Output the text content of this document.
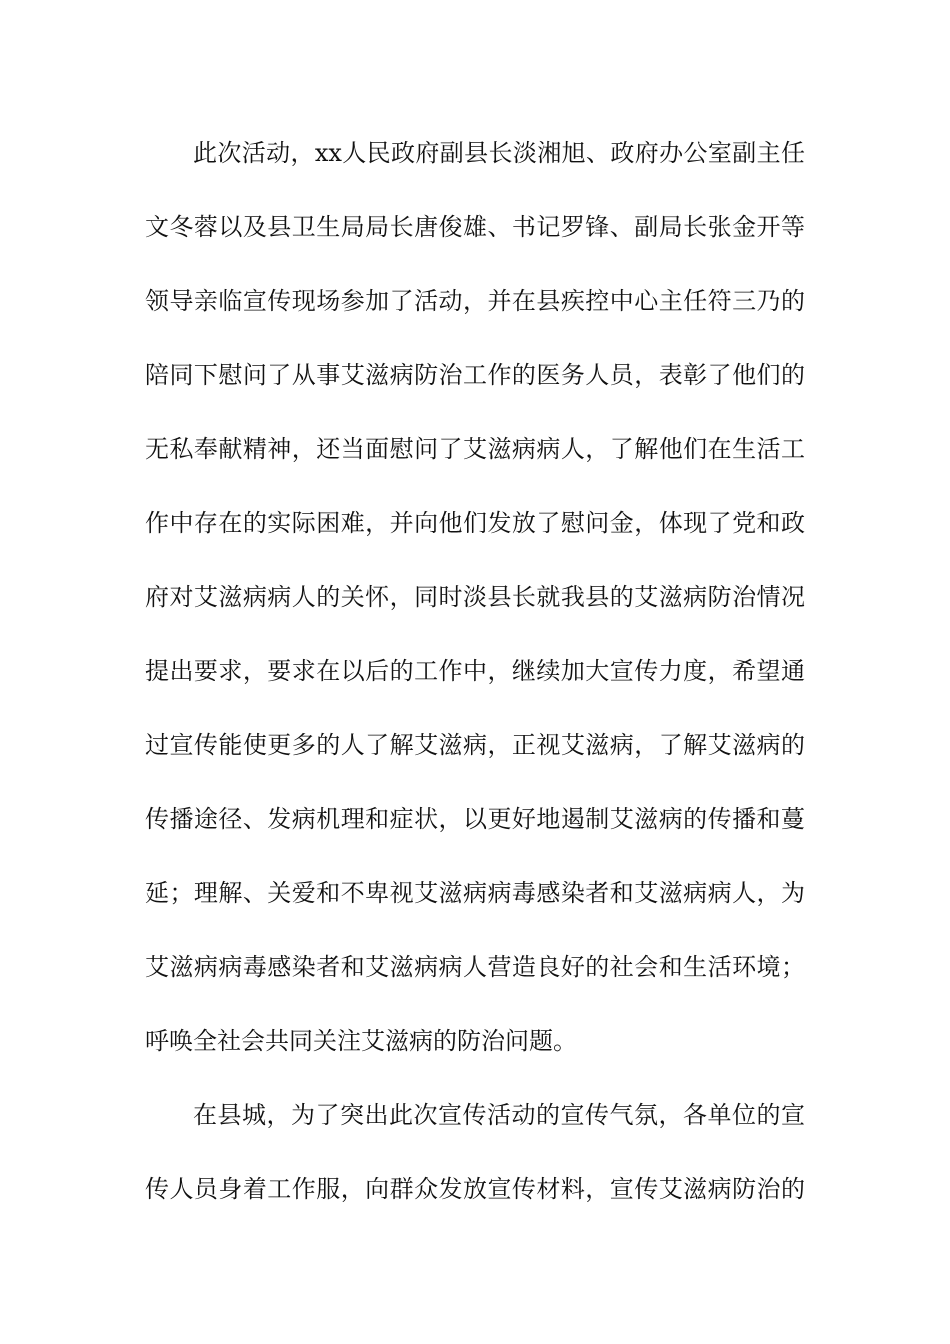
此次活动，xx人民政府副县长淡湘旭、政府办公室副主任
文冬蓉以及县卫生局局长唐俊雄、书记罗锋、副局长张金开等
领导亲临宣传现场参加了活动，并在县疾控中心主任符三乃的
陪同下慰问了从事艾滋病防治工作的医务人员，表彰了他们的
无私奉献精神，还当面慰问了艾滋病病人，了解他们在生活工
作中存在的实际困难，并向他们发放了慰问金，体现了党和政
府对艾滋病病人的关怀，同时淡县长就我县的艾滋病防治情况
提出要求，要求在以后的工作中，继续加大宣传力度，希望通
过宣传能使更多的人了解艾滋病，正视艾滋病，了解艾滋病的
传播途径、发病机理和症状，以更好地遏制艾滋病的传播和蔓
延；理解、关爱和不卑视艾滋病病毒感染者和艾滋病病人，为
艾滋病病毒感染者和艾滋病病人营造良好的社会和生活环境；
呼唤全社会共同关注艾滋病的防治问题。
在县城，为了突出此次宣传活动的宣传气氛，各单位的宣
传人员身着工作服，向群众发放宣传材料，宣传艾滋病防治的
